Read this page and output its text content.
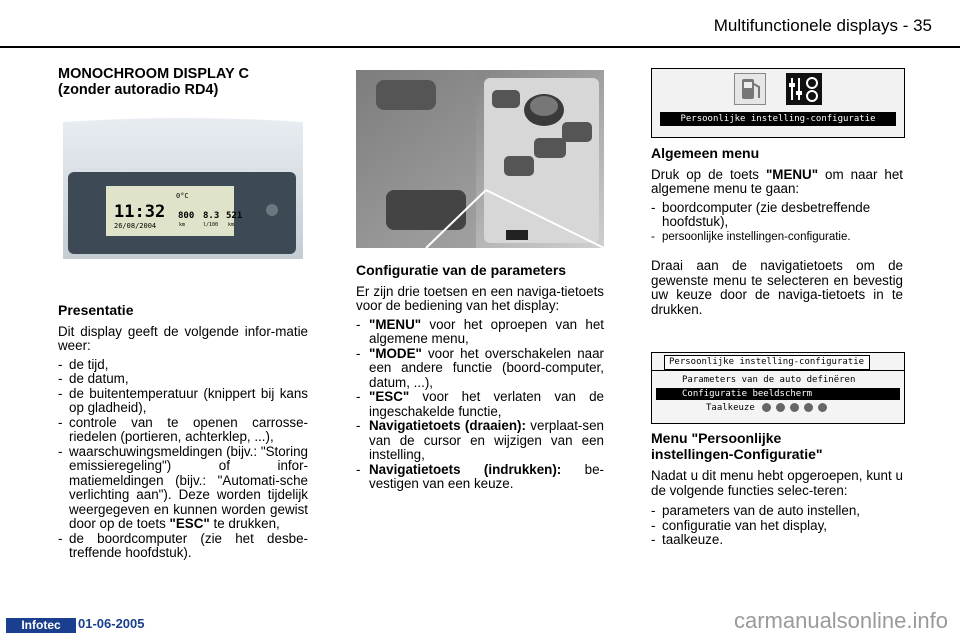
Multifunctionele displays - 35
MONOCHROOM DISPLAY C
(zonder autoradio RD4)
11:32
26/08/2004
0°C
800 8.3 521
km	l/100 km
Presentatie

Dit display geeft de volgende infor-matie weer:

- de tijd,
- de datum,
- de buitentemperatuur (knippert bij kans op gladheid),
- controle van te openen carrosse-riedelen (portieren, achterklep, ...),
- waarschuwingsmeldingen (bijv.: "Storing emissieregeling") of infor-matiemeldingen (bijv.: "Automati-sche verlichting aan"). Deze worden tijdelijk weergegeven en kunnen worden gewist door op de toets "ESC" te drukken,
- de boordcomputer (zie het desbe-treffende hoofdstuk).
Configuratie van de parameters

Er zijn drie toetsen en een naviga-tietoets voor de bediening van het display:

- "MENU" voor het oproepen van het algemene menu,
- "MODE" voor het overschakelen naar een andere functie (boord-computer, datum, ...),
- "ESC" voor het verlaten van de ingeschakelde functie,
- Navigatietoets (draaien): verplaat-sen van de cursor en wijzigen van een instelling,
- Navigatietoets (indrukken): be-vestigen van een keuze.
Persoonlijke instelling-configuratie
Algemeen menu

Druk op de toets "MENU" om naar het algemene menu te gaan:

- boordcomputer (zie desbetreffende hoofdstuk),
- persoonlijke instellingen-configuratie.

Draai aan de navigatietoets om de gewenste menu te selecteren en bevestig uw keuze door de naviga-tietoets in te drukken.

Persoonlijke instelling-configuratie
Parameters van de auto definëren
Configuratie beeldscherm
Taalkeuze
Menu "Persoonlijke
instellingen-Configuratie"

Nadat u dit menu hebt opgeroepen, kunt u de volgende functies selec-teren:

- parameters van de auto instellen,
- configuratie van het display,
- taalkeuze.
Infotec	01-06-2005	carmanualsonline.info
